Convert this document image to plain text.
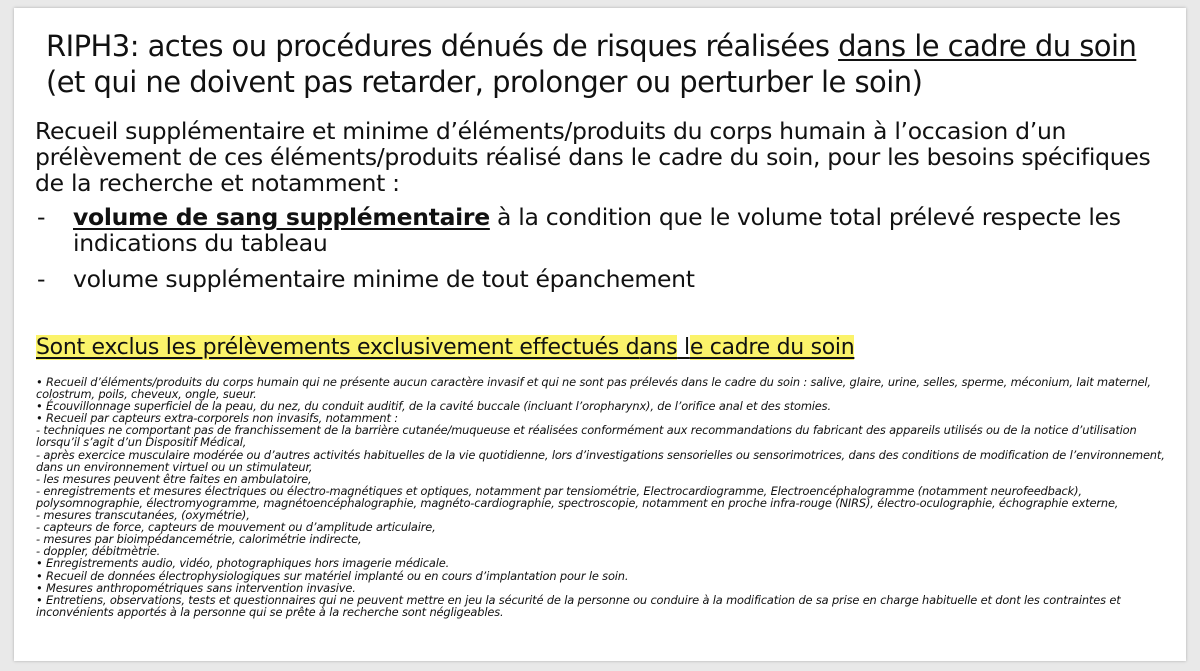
RIPH3: actes ou procédures dénués de risques réalisées dans le cadre du soin (et qui ne doivent pas retarder, prolonger ou perturber le soin)

Recueil supplémentaire et minime d’éléments/produits du corps humain à l’occasion d’un prélèvement de ces éléments/produits réalisé dans le cadre du soin, pour les besoins spécifiques de la recherche et notamment :

- volume de sang supplémentaire à la condition que le volume total prélevé respecte les indications du tableau
- volume supplémentaire minime de tout épanchement
Sont exclus les prélèvements exclusivement effectués dans le cadre du soin
• Recueil d’éléments/produits du corps humain qui ne présente aucun caractère invasif et qui ne sont pas prélevés dans le cadre du soin : salive, glaire, urine, selles, sperme, méconium, lait maternel, colostrum, poils, cheveux, ongle, sueur.
• Écouvillonnage superficiel de la peau, du nez, du conduit auditif, de la cavité buccale (incluant l’oropharynx), de l’orifice anal et des stomies.
• Recueil par capteurs extra-corporels non invasifs, notamment :
- techniques ne comportant pas de franchissement de la barrière cutanée/muqueuse et réalisées conformément aux recommandations du fabricant des appareils utilisés ou de la notice d’utilisation lorsqu’il s’agit d’un Dispositif Médical,
- après exercice musculaire modérée ou d’autres activités habituelles de la vie quotidienne, lors d’investigations sensorielles ou sensorimotrices, dans des conditions de modification de l’environnement, dans un environnement virtuel ou un stimulateur,
- les mesures peuvent être faites en ambulatoire,
- enregistrements et mesures électriques ou électro-magnétiques et optiques, notamment par tensiométrie, Electrocardiogramme, Electroencéphalogramme (notamment neurofeedback), polysomnographie, électromyogramme, magnétoencéphalographie, magnéto-cardiographie, spectroscopie, notamment en proche infra-rouge (NIRS), électro-oculographie, échographie externe,
- mesures transcutanées, (oxymétrie),
- capteurs de force, capteurs de mouvement ou d’amplitude articulaire,
- mesures par bioimpédancemétrie, calorimétrie indirecte,
- doppler, débitmètrie.
• Enregistrements audio, vidéo, photographiques hors imagerie médicale.
• Recueil de données électrophysiologiques sur matériel implanté ou en cours d’implantation pour le soin.
• Mesures anthropométriques sans intervention invasive.
• Entretiens, observations, tests et questionnaires qui ne peuvent mettre en jeu la sécurité de la personne ou conduire à la modification de sa prise en charge habituelle et dont les contraintes et inconvénients apportés à la personne qui se prête à la recherche sont négligeables.
